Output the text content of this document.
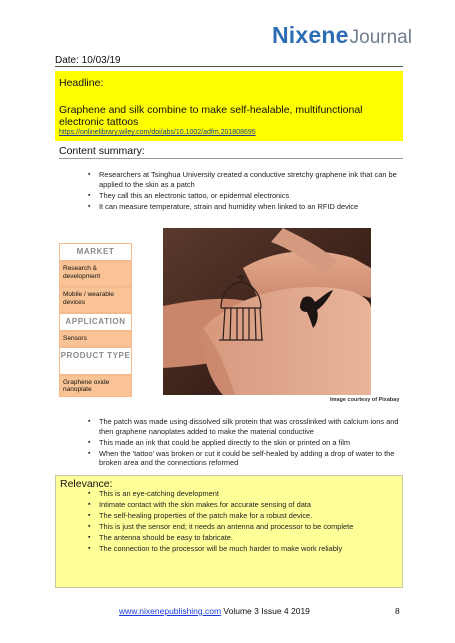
NixeneJournal
Date: 10/03/19
Headline:
Graphene and silk combine to make self-healable, multifunctional electronic tattoos
https://onlinelibrary.wiley.com/doi/abs/10.1002/adfm.201808695
Content summary:
▪ Researchers at Tsinghua University created a conductive stretchy graphene ink that can be applied to the skin as a patch
▪ They call this an electronic tattoo, or epidermal electronics
▪ It can measure temperature, strain and humidity when linked to an RFID device
MARKET
Research & development
Mobile / wearable devices
APPLICATION
Sensors
PRODUCT TYPE
Graphene oxide nanoplate
Image courtesy of Pixabay
▪ The patch was made using dissolved silk protein that was crosslinked with calcium ions and then graphene nanoplates added to make the material conductive
▪ This made an ink that could be applied directly to the skin or printed on a film
▪ When the 'tattoo' was broken or cut it could be self-healed by adding a drop of water to the broken area and the connections reformed
Relevance:
▪ This is an eye-catching development
▪ Intimate contact with the skin makes for accurate sensing of data
▪ The self-healing properties of the patch make for a robust device.
▪ This is just the sensor end; it needs an antenna and processor to be complete
▪ The antenna should be easy to fabricate.
▪ The connection to the processor will be much harder to make work reliably
www.nixenepublishing.com Volume 3 Issue 4 2019	8
